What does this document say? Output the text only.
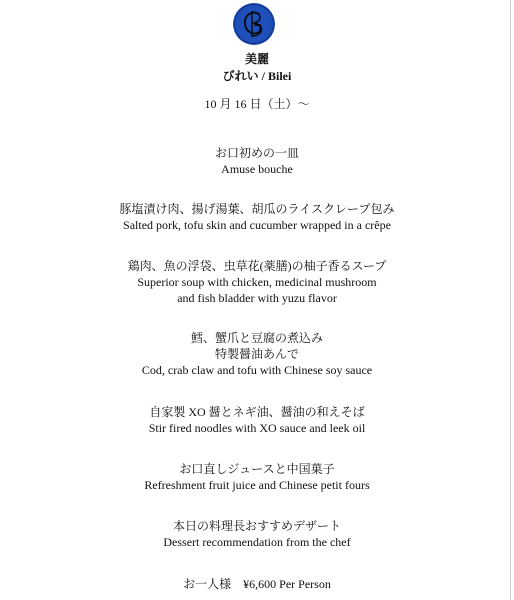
美麗
びれい / Bilei
10 月 16 日（土）〜
お口初めの一皿
Amuse bouche
豚塩漬け肉、揚げ湯葉、胡瓜のライスクレープ包み
Salted pork, tofu skin and cucumber wrapped in a crêpe
鶏肉、魚の浮袋、虫草花(薬膳)の柚子香るスープ
Superior soup with chicken, medicinal mushroom
and fish bladder with yuzu flavor
鱈、蟹爪と豆腐の煮込み
特製醤油あんで
Cod, crab claw and tofu with Chinese soy sauce
自家製 XO 醤とネギ油、醤油の和えそば
Stir fired noodles with XO sauce and leek oil
お口直しジュースと中国菓子
Refreshment fruit juice and Chinese petit fours
本日の料理長おすすめデザート
Dessert recommendation from the chef
お一人様　¥6,600 Per Person
